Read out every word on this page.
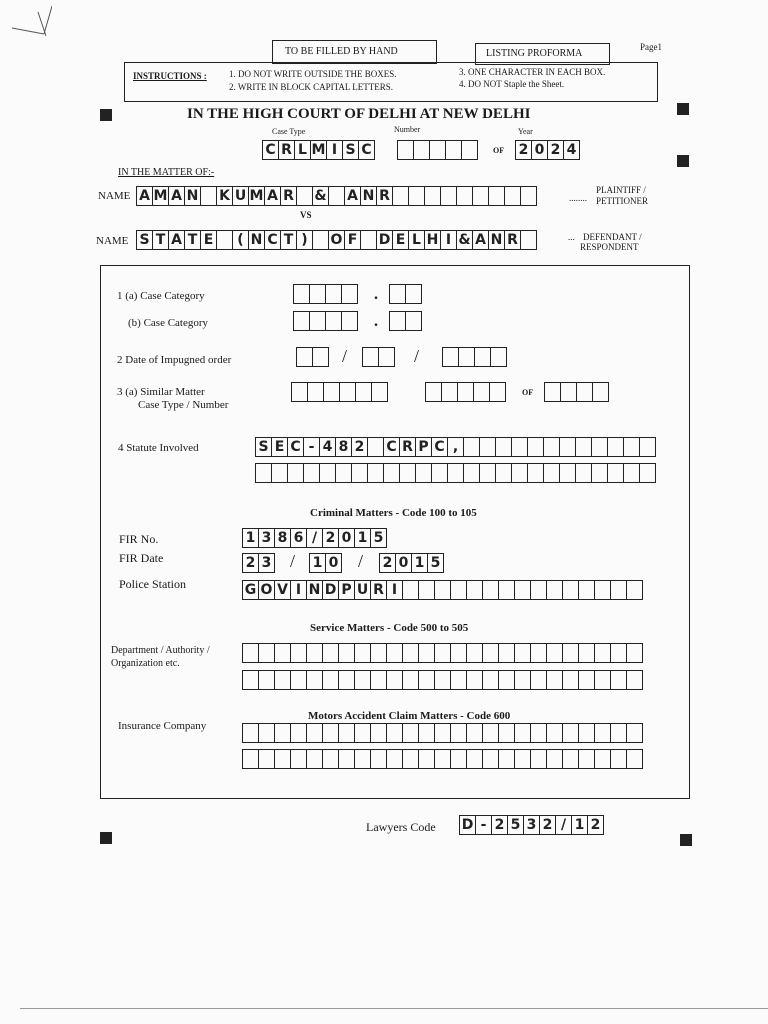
TO BE FILLED BY HAND	LISTING PROFORMA
Page1
INSTRUCTIONS : 1. DO NOT WRITE OUTSIDE THE BOXES.
2. WRITE IN BLOCK CAPITAL LETTERS.
3. ONE CHARACTER IN EACH BOX.
4. DO NOT Staple the Sheet.
IN THE HIGH COURT OF DELHI AT NEW DELHI
Case Type	Number	Year
C R L M I S C	OF 2 0 2 4
IN THE MATTER OF:-
NAME A M A N K U M A R & A N R	PLAINTIFF /
PETITIONER
........
VS
NAME S T A T E	( N C T )	O F D E L H I & A N R	... DEFENDANT /
RESPONDENT
1 (a) Case Category	.
(b) Case Category	.
2 Date of Impugned order	/	/
3 (a) Similar Matter
Case Type / Number
OF
4 Statute Involved	S E C - 4 8 2 C R P C ,
Criminal Matters - Code 100 to 105
FIR No.	1 3 8 6 / 2 0 1 5
FIR Date	2 3 / 1 0 / 2 0 1 5
Police Station	G O V I N D P U R I
Service Matters - Code 500 to 505
Department / Authority /
Organization etc.
Motors Accident Claim Matters - Code 600
Insurance Company
Lawyers Code D - 2 5 3 2 / 1 2
